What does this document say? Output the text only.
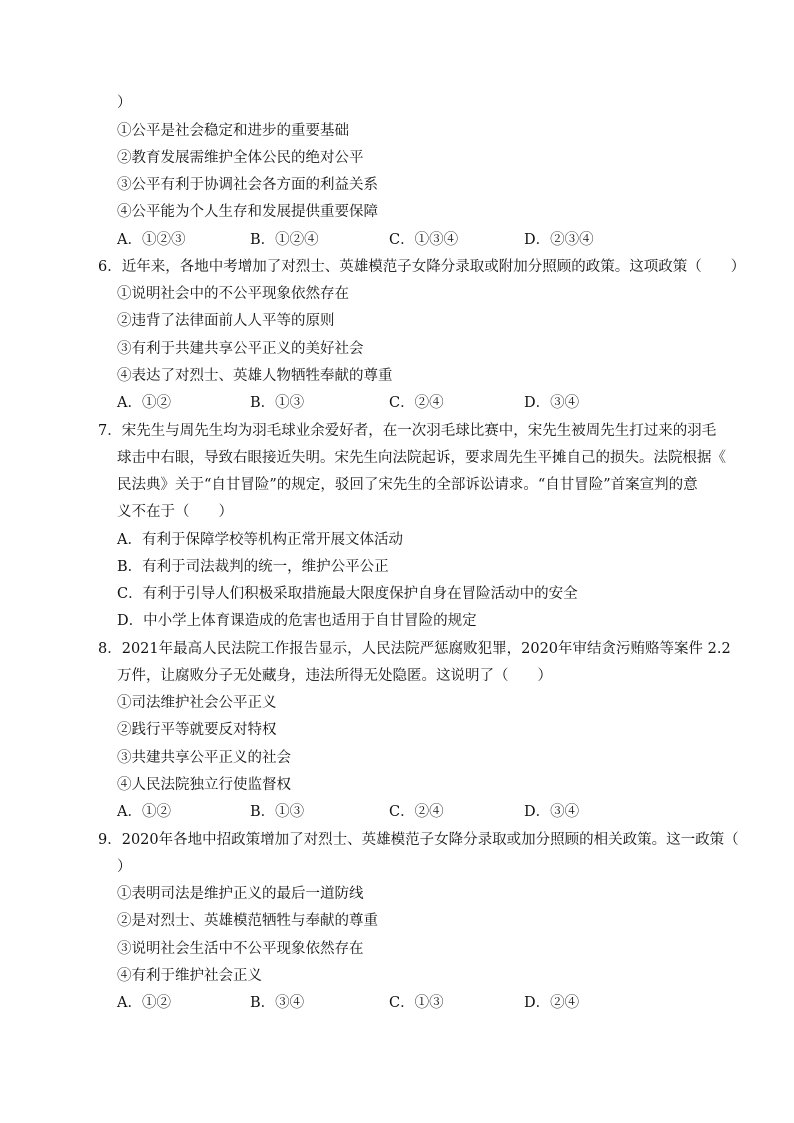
）
①公平是社会稳定和进步的重要基础
②教育发展需维护全体公民的绝对公平
③公平有利于协调社会各方面的利益关系
④公平能为个人生存和发展提供重要保障
A．①②③	B．①②④	C．①③④	D．②③④
6．近年来，各地中考增加了对烈士、英雄模范子女降分录取或附加分照顾的政策。这项政策（　　）
①说明社会中的不公平现象依然存在
②违背了法律面前人人平等的原则
③有利于共建共享公平正义的美好社会
④表达了对烈士、英雄人物牺牲奉献的尊重
A．①②	B．①③	C．②④	D．③④
7．宋先生与周先生均为羽毛球业余爱好者，在一次羽毛球比赛中，宋先生被周先生打过来的羽毛
球击中右眼，导致右眼接近失明。宋先生向法院起诉，要求周先生平摊自己的损失。法院根据《
民法典》关于“自甘冒险”的规定，驳回了宋先生的全部诉讼请求。“自甘冒险”首案宣判的意
义不在于（　　）
A．有利于保障学校等机构正常开展文体活动
B．有利于司法裁判的统一，维护公平公正
C．有利于引导人们积极采取措施最大限度保护自身在冒险活动中的安全
D．中小学上体育课造成的危害也适用于自甘冒险的规定
8．2021年最高人民法院工作报告显示，人民法院严惩腐败犯罪，2020年审结贪污贿赂等案件 2.2
万件，让腐败分子无处藏身，违法所得无处隐匿。这说明了（　　）
①司法维护社会公平正义
②践行平等就要反对特权
③共建共享公平正义的社会
④人民法院独立行使监督权
A．①②	B．①③	C．②④	D．③④
9．2020年各地中招政策增加了对烈士、英雄模范子女降分录取或加分照顾的相关政策。这一政策（
）
①表明司法是维护正义的最后一道防线
②是对烈士、英雄模范牺牲与奉献的尊重
③说明社会生活中不公平现象依然存在
④有利于维护社会正义
A．①②	B．③④	C．①③	D．②④
